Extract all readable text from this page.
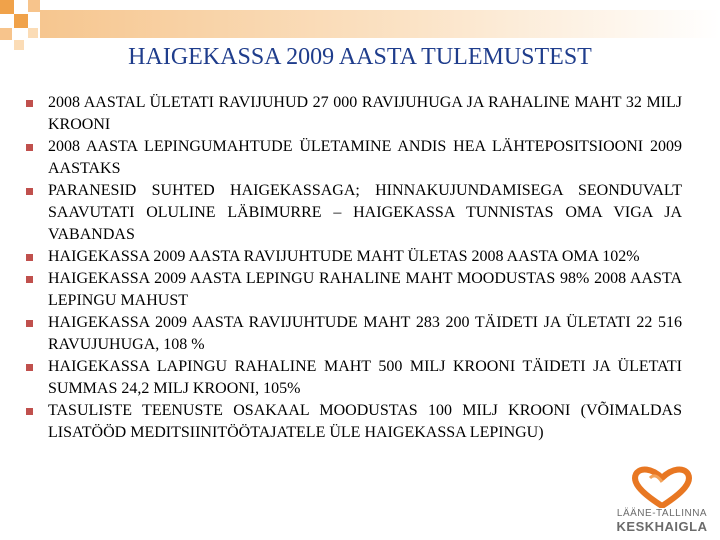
HAIGEKASSA 2009 AASTA TULEMUSTEST
2008 AASTAL ÜLETATI RAVIJUHUD 27 000 RAVIJUHUGA JA RAHALINE MAHT 32 MILJ KROONI
2008 AASTA LEPINGUMAHTUDE ÜLETAMINE ANDIS HEA LÄHTEPOSITSIOONI 2009 AASTAKS
PARANESID SUHTED HAIGEKASSAGA; HINNAKUJUNDAMISEGA SEONDUVALT SAAVUTATI OLULINE LÄBIMURRE – HAIGEKASSA TUNNISTAS OMA VIGA JA VABANDAS
HAIGEKASSA 2009 AASTA RAVIJUHTUDE MAHT ÜLETAS 2008 AASTA OMA 102%
HAIGEKASSA 2009 AASTA LEPINGU RAHALINE MAHT MOODUSTAS 98% 2008 AASTA LEPINGU MAHUST
HAIGEKASSA 2009 AASTA RAVIJUHTUDE MAHT 283 200 TÄIDETI JA ÜLETATI 22 516 RAVUJUHUGA, 108 %
HAIGEKASSA LAPINGU RAHALINE MAHT 500 MILJ KROONI TÄIDETI JA ÜLETATI SUMMAS 24,2 MILJ KROONI, 105%
TASULISTE TEENUSTE OSAKAAL MOODUSTAS 100 MILJ KROONI (VÕIMALDAS LISATÖÖD MEDITSIINITÖÖTAJATELE ÜLE HAIGEKASSA LEPINGU)
LÄÄNE-TALLINNA
KESKHAIGLA
